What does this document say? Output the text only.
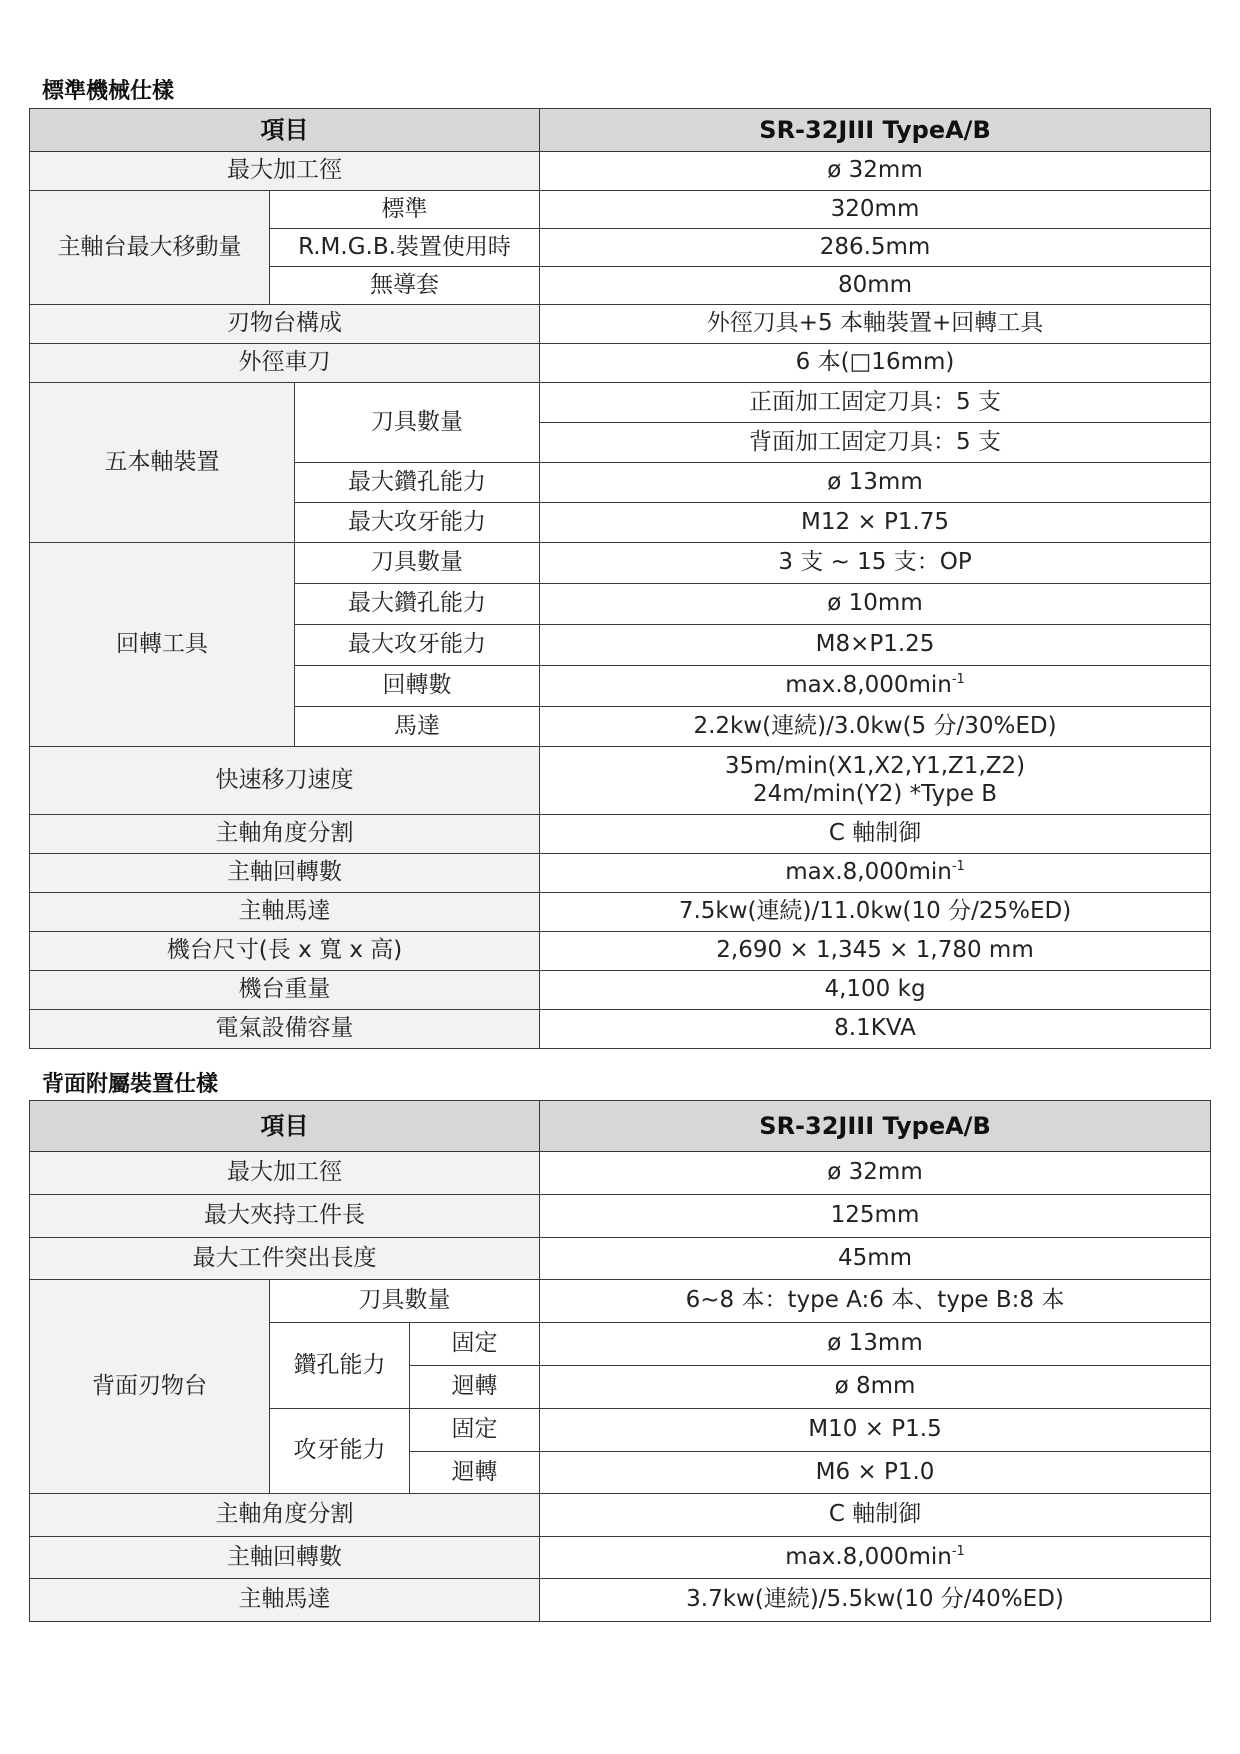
標準機械仕樣
項目			SR-32JIII TypeA/B
最大加工徑			ø 32mm
主軸台最大移動量	標準		320mm
	R.M.G.B.裝置使用時		286.5mm
	無導套		80mm
刃物台構成			外徑刀具+5 本軸裝置+回轉工具
外徑車刀			6 本(□16mm)
五本軸裝置		刀具數量	正面加工固定刀具：5 支
			背面加工固定刀具：5 支
		最大鑽孔能力	ø 13mm
		最大攻牙能力	M12 × P1.75
回轉工具		刀具數量	3 支 ~ 15 支：OP
		最大鑽孔能力	ø 10mm
		最大攻牙能力	M8×P1.25
		回轉數	$\max.8,000\min^{-1}$
		馬達	2.2kw(連続)/3.0kw(5 分/30%ED)
快速移刀速度			35m/min(X1,X2,Y1,Z1,Z2)
24m/min(Y2) *Type B

主軸角度分割			C 軸制御
主軸回轉數			$\max.8,000\min^{-1}$
主軸馬達			7.5kw(連続)/11.0kw(10 分/25%ED)
機台尺寸(長 x 寬 x 高)			2,690 × 1,345 × 1,780 mm
機台重量			4,100 kg
電氣設備容量			8.1KVA
背面附屬裝置仕樣
項目			SR-32JIII TypeA/B
最大加工徑			ø 32mm
最大夾持工件長			125mm
最大工件突出長度			45mm
背面刃物台	刀具數量		6~8 本：type A:6 本、type B:8 本
	鑽孔能力	固定	ø 13mm
		迴轉	ø 8mm
	攻牙能力	固定	M10 × P1.5
		迴轉	M6 × P1.0
主軸角度分割			C 軸制御
主軸回轉數			$\max.8,000\min^{-1}$
主軸馬達			3.7kw(連続)/5.5kw(10 分/40%ED)
